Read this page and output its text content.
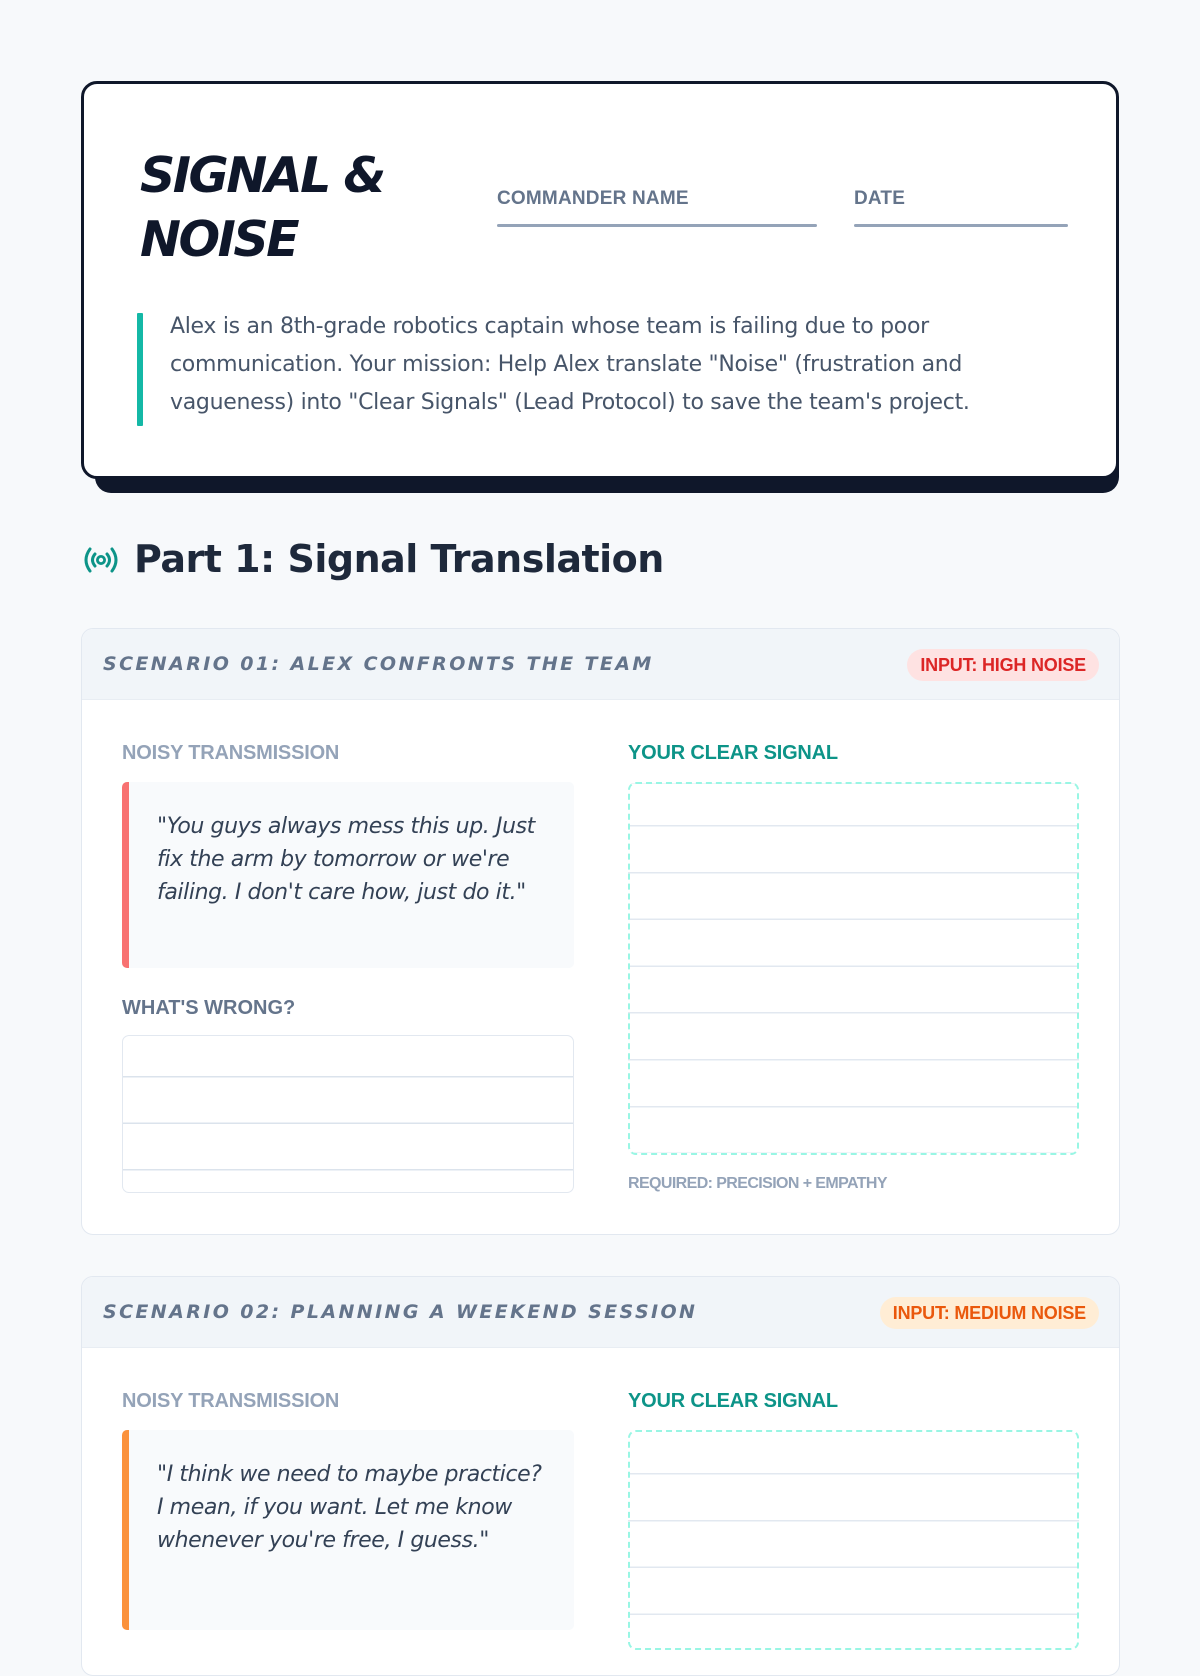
SIGNAL & NOISE
COMMANDER NAME	DATE
Alex is an 8th-grade robotics captain whose team is failing due to poor communication. Your mission: Help Alex translate "Noise" (frustration and vagueness) into "Clear Signals" (Lead Protocol) to save the team's project.
Part 1: Signal Translation
SCENARIO 01: ALEX CONFRONTS THE TEAM	INPUT: HIGH NOISE
NOISY TRANSMISSION
"You guys always mess this up. Just fix the arm by tomorrow or we're failing. I don't care how, just do it."
WHAT'S WRONG?
YOUR CLEAR SIGNAL
REQUIRED: PRECISION + EMPATHY
SCENARIO 02: PLANNING A WEEKEND SESSION	INPUT: MEDIUM NOISE
NOISY TRANSMISSION
"I think we need to maybe practice? I mean, if you want. Let me know whenever you're free, I guess."
YOUR CLEAR SIGNAL
